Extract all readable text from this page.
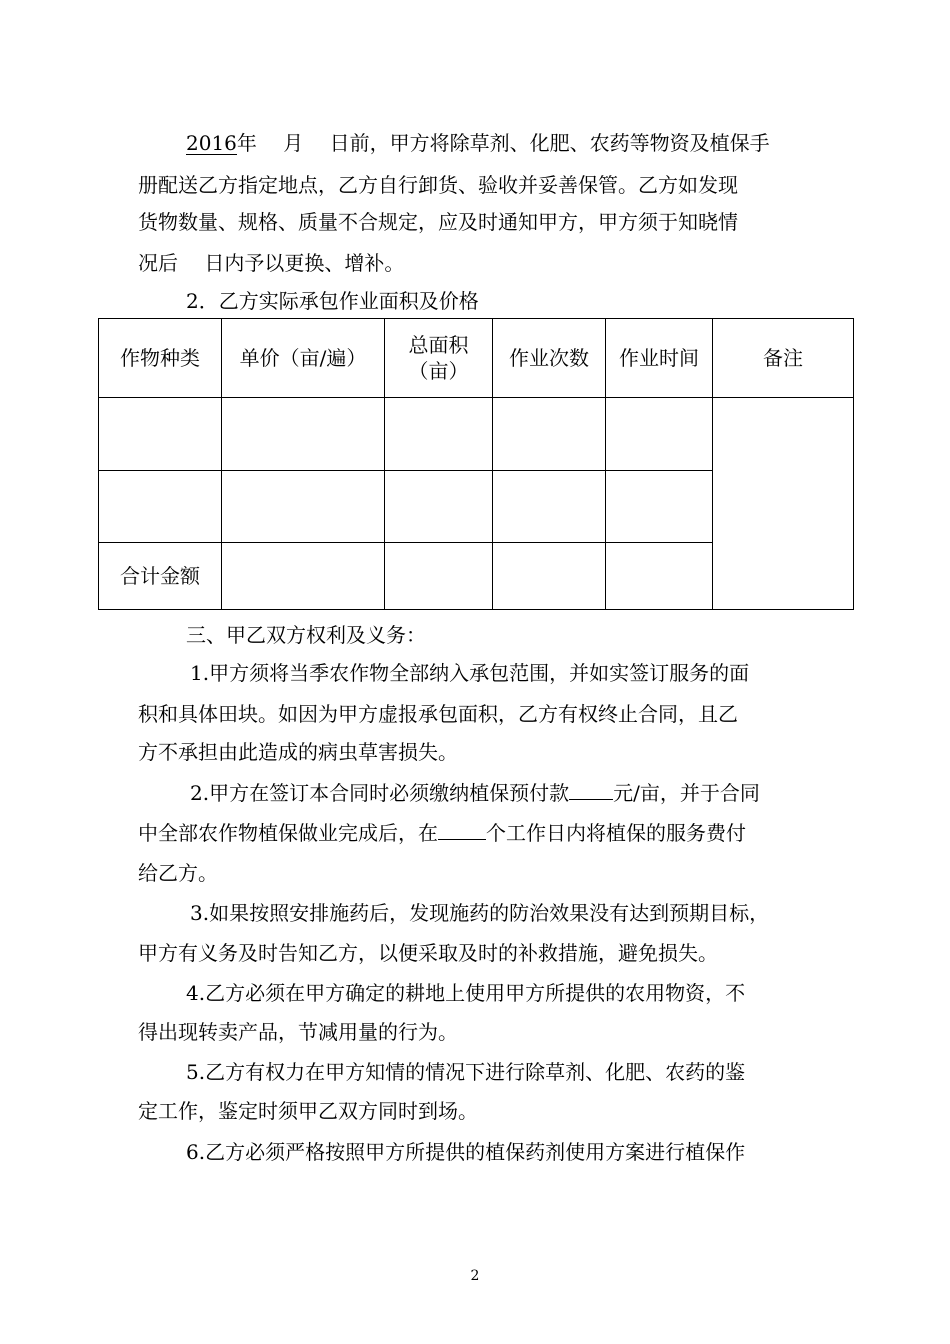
2016年　 月　 日前，甲方将除草剂、化肥、农药等物资及植保手
册配送乙方指定地点，乙方自行卸货、验收并妥善保管。乙方如发现
货物数量、规格、质量不合规定，应及时通知甲方，甲方须于知晓情
况后　 日内予以更换、增补。
2．乙方实际承包作业面积及价格
作物种类	单价（亩/遍）	总面积（亩）	作业次数	作业时间	备注

合计金额					
三、甲乙双方权利及义务：
1.甲方须将当季农作物全部纳入承包范围，并如实签订服务的面
积和具体田块。如因为甲方虚报承包面积，乙方有权终止合同，且乙
方不承担由此造成的病虫草害损失。
2.甲方在签订本合同时必须缴纳植保预付款 元/亩，并于合同
中全部农作物植保做业完成后，在 个工作日内将植保的服务费付
给乙方。
3.如果按照安排施药后，发现施药的防治效果没有达到预期目标，
甲方有义务及时告知乙方，以便采取及时的补救措施，避免损失。
4.乙方必须在甲方确定的耕地上使用甲方所提供的农用物资，不
得出现转卖产品，节减用量的行为。
5.乙方有权力在甲方知情的情况下进行除草剂、化肥、农药的鉴
定工作，鉴定时须甲乙双方同时到场。
6.乙方必须严格按照甲方所提供的植保药剂使用方案进行植保作
2
